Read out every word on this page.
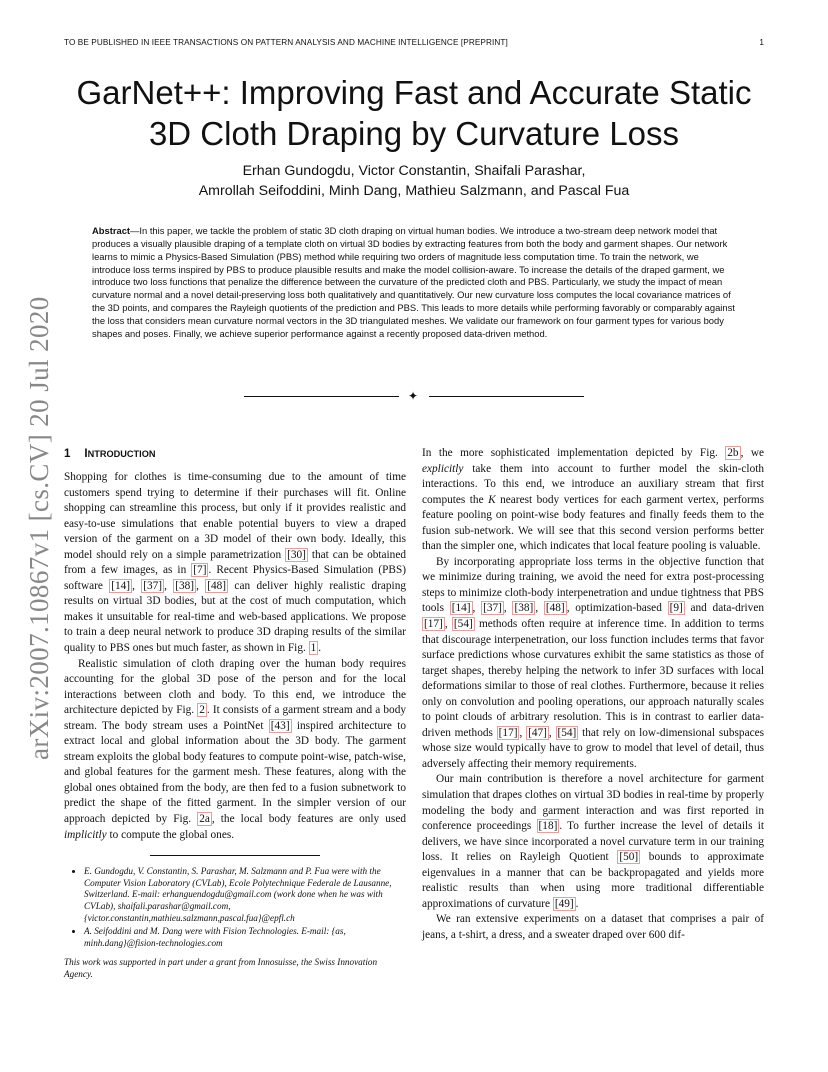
TO BE PUBLISHED IN IEEE TRANSACTIONS ON PATTERN ANALYSIS AND MACHINE INTELLIGENCE [PREPRINT]	1
GarNet++: Improving Fast and Accurate Static
3D Cloth Draping by Curvature Loss
Erhan Gundogdu, Victor Constantin, Shaifali Parashar,
Amrollah Seifoddini, Minh Dang, Mathieu Salzmann, and Pascal Fua
Abstract—In this paper, we tackle the problem of static 3D cloth draping on virtual human bodies. We introduce a two-stream deep network model that produces a visually plausible draping of a template cloth on virtual 3D bodies by extracting features from both the body and garment shapes. Our network learns to mimic a Physics-Based Simulation (PBS) method while requiring two orders of magnitude less computation time. To train the network, we introduce loss terms inspired by PBS to produce plausible results and make the model collision-aware. To increase the details of the draped garment, we introduce two loss functions that penalize the difference between the curvature of the predicted cloth and PBS. Particularly, we study the impact of mean curvature normal and a novel detail-preserving loss both qualitatively and quantitatively. Our new curvature loss computes the local covariance matrices of the 3D points, and compares the Rayleigh quotients of the prediction and PBS. This leads to more details while performing favorably or comparably against the loss that considers mean curvature normal vectors in the 3D triangulated meshes. We validate our framework on four garment types for various body shapes and poses. Finally, we achieve superior performance against a recently proposed data-driven method.
✦
arXiv:2007.10867v1 [cs.CV] 20 Jul 2020 1 INTRODUCTION

Shopping for clothes is time-consuming due to the amount of time customers spend trying to determine if their purchases will fit. Online shopping can streamline this process, but only if it provides realistic and easy-to-use simulations that enable potential buyers to view a draped version of the garment on a 3D model of their own body. Ideally, this model should rely on a simple parametrization [30] that can be obtained from a few images, as in [7] . Recent Physics-Based Simulation (PBS) software [14] , [37] , [38] , [48] can deliver highly realistic draping results on virtual 3D bodies, but at the cost of much computation, which makes it unsuitable for real-time and web-based applications. We propose to train a deep neural network to produce 3D draping results of the similar quality to PBS ones but much faster, as shown in Fig. 1 .

Realistic simulation of cloth draping over the human body requires accounting for the global 3D pose of the person and for the local interactions between cloth and body. To this end, we introduce the architecture depicted by Fig. 2 . It consists of a garment stream and a body stream. The body stream uses a PointNet [43] inspired architecture to extract local and global information about the 3D body. The garment stream exploits the global body features to compute point-wise, patch-wise, and global features for the garment mesh. These features, along with the global ones obtained from the body, are then fed to a fusion subnetwork to predict the shape of the fitted garment. In the simpler version of our approach depicted by Fig. 2a , the local body features are only used implicitly to compute the global ones.

• E. Gundogdu, V. Constantin, S. Parashar, M. Salzmann and P. Fua were with the Computer Vision Laboratory (CVLab), Ecole Polytechnique Federale de Lausanne, Switzerland. E-mail: erhanguendogdu@gmail.com (work done when he was with CVLab), shaifali.parashar@gmail.com, {victor.constantin,mathieu.salzmann,pascal.fua}@epfl.ch
• A. Seifoddini and M. Dang were with Fision Technologies. E-mail: {as, minh.dang}@fision-technologies.com
This work was supported in part under a grant from Innosuisse, the Swiss Innovation Agency.

In the more sophisticated implementation depicted by Fig. 2b , we explicitly take them into account to further model the skin-cloth interactions. To this end, we introduce an auxiliary stream that first computes the K nearest body vertices for each garment vertex, performs feature pooling on point-wise body features and finally feeds them to the fusion sub-network. We will see that this second version performs better than the simpler one, which indicates that local feature pooling is valuable.

By incorporating appropriate loss terms in the objective function that we minimize during training, we avoid the need for extra post-processing steps to minimize cloth-body interpenetration and undue tightness that PBS tools [14] , [37] , [38] , [48] , optimization-based [9] and data-driven [17] , [54] methods often require at inference time. In addition to terms that discourage interpenetration, our loss function includes terms that favor surface predictions whose curvatures exhibit the same statistics as those of target shapes, thereby helping the network to infer 3D surfaces with local deformations similar to those of real clothes. Furthermore, because it relies only on convolution and pooling operations, our approach naturally scales to point clouds of arbitrary resolution. This is in contrast to earlier data-driven methods [17] , [47] , [54] that rely on low-dimensional subspaces whose size would typically have to grow to model that level of detail, thus adversely affecting their memory requirements.

Our main contribution is therefore a novel architecture for garment simulation that drapes clothes on virtual 3D bodies in real-time by properly modeling the body and garment interaction and was first reported in conference proceedings [18] . To further increase the level of details it delivers, we have since incorporated a novel curvature term in our training loss. It relies on Rayleigh Quotient [50] bounds to approximate eigenvalues in a manner that can be backpropagated and yields more realistic results than when using more traditional differentiable approximations of curvature [49] .

We ran extensive experiments on a dataset that comprises a pair of jeans, a t-shirt, a dress, and a sweater draped over 600 dif-
